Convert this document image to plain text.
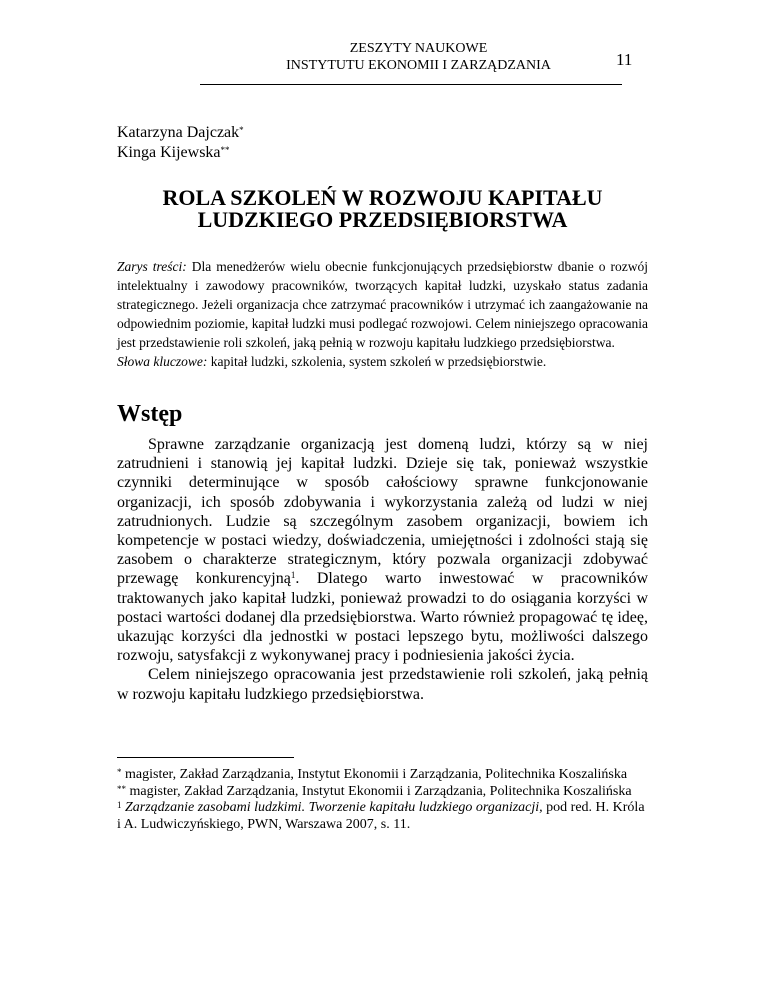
ZESZYTY NAUKOWE
INSTYTUTU EKONOMII I ZARZĄDZANIA	11
Katarzyna Dajczak*
Kinga Kijewska**
ROLA SZKOLEŃ W ROZWOJU KAPITAŁU
LUDZKIEGO PRZEDSIĘBIORSTWA

Zarys treści: Dla menedżerów wielu obecnie funkcjonujących przedsiębiorstw dbanie o rozwój intelektualny i zawodowy pracowników, tworzących kapitał ludzki, uzyskało status zadania strategicznego. Jeżeli organizacja chce zatrzymać pracowników i utrzymać ich zaangażowanie na odpowiednim poziomie, kapitał ludzki musi podlegać rozwojowi. Celem niniejszego opracowania jest przedstawienie roli szkoleń, jaką pełnią w rozwoju kapitału ludzkiego przedsiębiorstwa.

Słowa kluczowe: kapitał ludzki, szkolenia, system szkoleń w przedsiębiorstwie.

Wstęp

Sprawne zarządzanie organizacją jest domeną ludzi, którzy są w niej zatrudnieni i stanowią jej kapitał ludzki. Dzieje się tak, ponieważ wszystkie czynniki determinujące w sposób całościowy sprawne funkcjonowanie organizacji, ich sposób zdobywania i wykorzystania zależą od ludzi w niej zatrudnionych. Ludzie są szczególnym zasobem organizacji, bowiem ich kompetencje w postaci wiedzy, doświadczenia, umiejętności i zdolności stają się zasobem o charakterze strategicznym, który pozwala organizacji zdobywać przewagę konkurencyjną$^1$. Dlatego warto inwestować w pracowników traktowanych jako kapitał ludzki, ponieważ prowadzi to do osiągania korzyści w postaci wartości dodanej dla przedsiębiorstwa. Warto również propagować tę ideę, ukazując korzyści dla jednostki w postaci lepszego bytu, możliwości dalszego rozwoju, satysfakcji z wykonywanej pracy i podniesienia jakości życia.

Celem niniejszego opracowania jest przedstawienie roli szkoleń, jaką pełnią w rozwoju kapitału ludzkiego przedsiębiorstwa.

* magister, Zakład Zarządzania, Instytut Ekonomii i Zarządzania, Politechnika Koszalińska

** magister, Zakład Zarządzania, Instytut Ekonomii i Zarządzania, Politechnika Koszalińska

$^1$ Zarządzanie zasobami ludzkimi. Tworzenie kapitału ludzkiego organizacji, pod red. H. Króla i A. Ludwiczyńskiego, PWN, Warszawa 2007, s. 11.
